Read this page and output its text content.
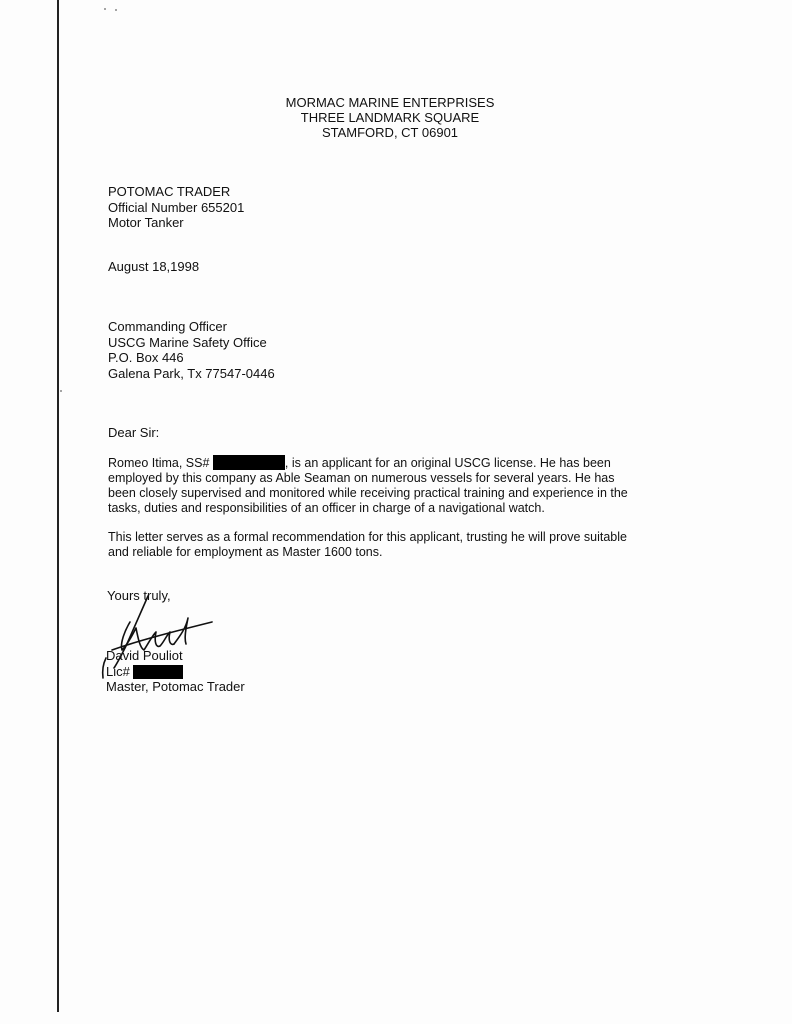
MORMAC MARINE ENTERPRISES
THREE LANDMARK SQUARE
STAMFORD, CT 06901
POTOMAC TRADER
Official Number 655201
Motor Tanker
August 18,1998
Commanding Officer
USCG Marine Safety Office
P.O. Box 446
Galena Park, Tx 77547-0446
Dear Sir:
Romeo Itima, SS#	, is an applicant for an original USCG license. He has been
employed by this company as Able Seaman on numerous vessels for several years. He has
been closely supervised and monitored while receiving practical training and experience in the
tasks, duties and responsibilities of an officer in charge of a navigational watch.
This letter serves as a formal recommendation for this applicant, trusting he will prove suitable
and reliable for employment as Master 1600 tons.
Yours truly,
David Pouliot
Lic#
Master, Potomac Trader
